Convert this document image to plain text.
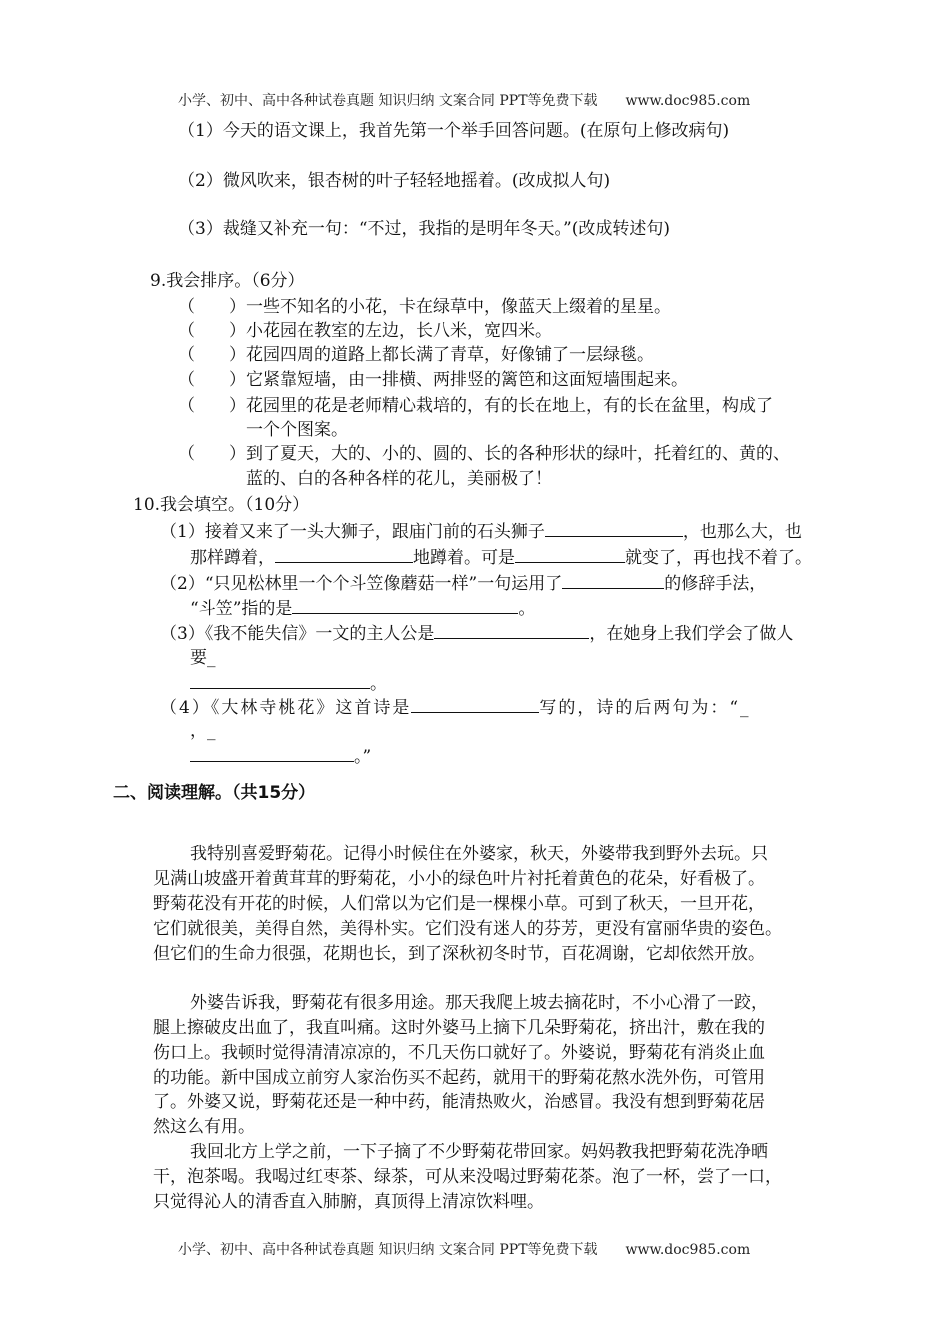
小学、初中、高中各种试卷真题 知识归纳 文案合同 PPT等免费下载　　www.doc985.com
（1）今天的语文课上，我首先第一个举手回答问题。(在原句上修改病句)
（2）微风吹来，银杏树的叶子轻轻地摇着。(改成拟人句)
（3）裁缝又补充一句：“不过，我指的是明年冬天。”(改成转述句)
9.我会排序。（6分）
（　　）一些不知名的小花，卡在绿草中，像蓝天上缀着的星星。
（　　）小花园在教室的左边，长八米，宽四米。
（　　）花园四周的道路上都长满了青草，好像铺了一层绿毯。
（　　）它紧靠短墙，由一排横、两排竖的篱笆和这面短墙围起来。
（　　）花园里的花是老师精心栽培的，有的长在地上，有的长在盆里，构成了
一个个图案。
（　　）到了夏天，大的、小的、圆的、长的各种形状的绿叶，托着红的、黄的、
蓝的、白的各种各样的花儿，美丽极了！
10.我会填空。（10分）
（1）接着又来了一头大狮子，跟庙门前的石头狮子	，也那么大，也
那样蹲着，	地蹲着。可是	就变了，再也找不着了。
（2）“只见松林里一个个斗笠像蘑菇一样”一句运用了	的修辞手法，
“斗笠”指的是	。
（3）《我不能失信》一文的主人公是	，在她身上我们学会了做人
要_
。
（4）《大林寺桃花》这首诗是	写的，诗的后两句为：“_
，_
。”
二、阅读理解。（共15分）
我特别喜爱野菊花。记得小时候住在外婆家，秋天，外婆带我到野外去玩。只
见满山坡盛开着黄茸茸的野菊花，小小的绿色叶片衬托着黄色的花朵，好看极了。
野菊花没有开花的时候，人们常以为它们是一棵棵小草。可到了秋天，一旦开花，
它们就很美，美得自然，美得朴实。它们没有迷人的芬芳，更没有富丽华贵的姿色。
但它们的生命力很强，花期也长，到了深秋初冬时节，百花凋谢，它却依然开放。
外婆告诉我，野菊花有很多用途。那天我爬上坡去摘花时，不小心滑了一跤，
腿上擦破皮出血了，我直叫痛。这时外婆马上摘下几朵野菊花，挤出汁，敷在我的
伤口上。我顿时觉得清清凉凉的，不几天伤口就好了。外婆说，野菊花有消炎止血
的功能。新中国成立前穷人家治伤买不起药，就用干的野菊花熬水洗外伤，可管用
了。外婆又说，野菊花还是一种中药，能清热败火，治感冒。我没有想到野菊花居
然这么有用。
我回北方上学之前，一下子摘了不少野菊花带回家。妈妈教我把野菊花洗净晒
干，泡茶喝。我喝过红枣茶、绿茶，可从来没喝过野菊花茶。泡了一杯，尝了一口，
只觉得沁人的清香直入肺腑，真顶得上清凉饮料哩。
小学、初中、高中各种试卷真题 知识归纳 文案合同 PPT等免费下载　　www.doc985.com
